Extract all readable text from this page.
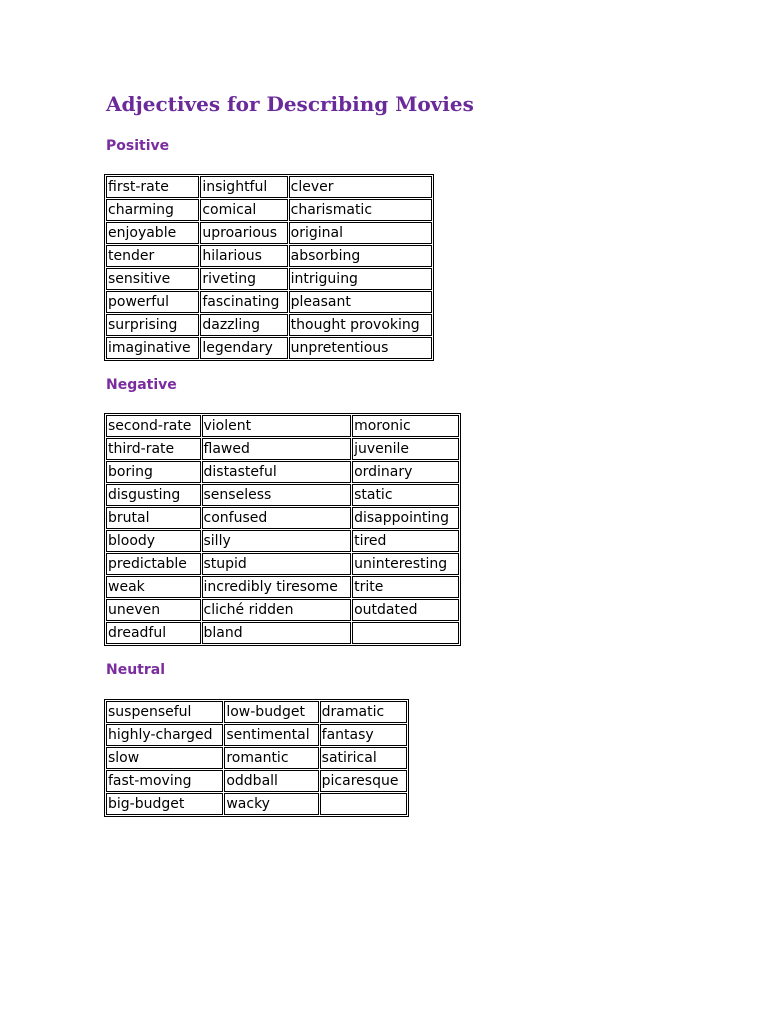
Adjectives for Describing Movies
Positive
first-rate	insightful	clever
charming	comical	charismatic
enjoyable	uproarious	original
tender	hilarious	absorbing
sensitive	riveting	intriguing
powerful	fascinating	pleasant
surprising	dazzling	thought provoking
imaginative	legendary	unpretentious
Negative
second-rate	violent	moronic
third-rate	flawed	juvenile
boring	distasteful	ordinary
disgusting	senseless	static
brutal	confused	disappointing
bloody	silly	tired
predictable	stupid	uninteresting
weak	incredibly tiresome	trite
uneven	cliché ridden	outdated
dreadful	bland	
Neutral
suspenseful	low-budget	dramatic
highly-charged	sentimental	fantasy
slow	romantic	satirical
fast-moving	oddball	picaresque
big-budget	wacky	
